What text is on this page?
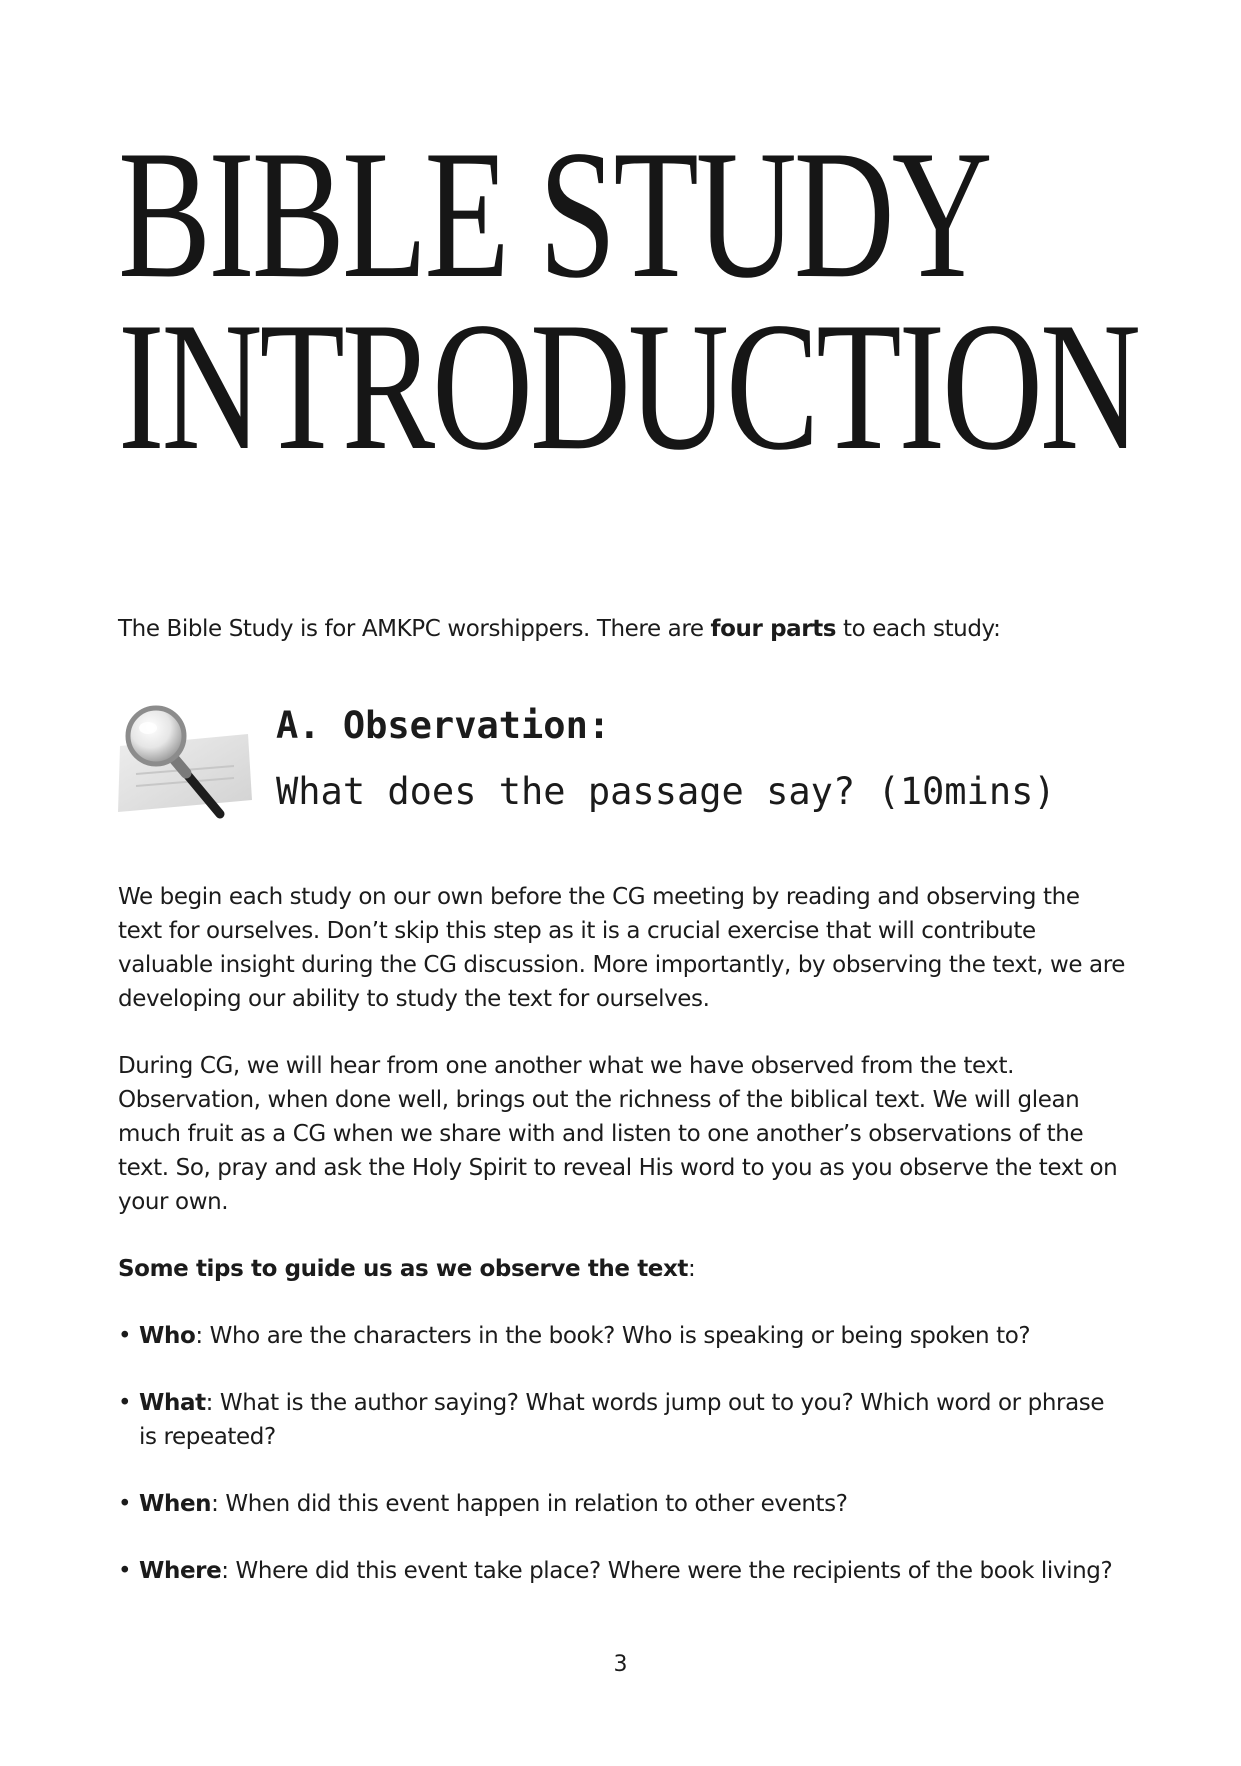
BIBLE STUDY
INTRODUCTION

The Bible Study is for AMKPC worshippers. There are four parts to each study:

A. Observation:

What does the passage say? (10mins)

We begin each study on our own before the CG meeting by reading and observing the text for ourselves. Don’t skip this step as it is a crucial exercise that will contribute valuable insight during the CG discussion. More importantly, by observing the text, we are developing our ability to study the text for ourselves.

During CG, we will hear from one another what we have observed from the text. Observation, when done well, brings out the richness of the biblical text. We will glean much fruit as a CG when we share with and listen to one another’s observations of the text. So, pray and ask the Holy Spirit to reveal His word to you as you observe the text on your own.

Some tips to guide us as we observe the text:

• Who: Who are the characters in the book? Who is speaking or being spoken to?
• What: What is the author saying? What words jump out to you? Which word or phrase is repeated?
• When: When did this event happen in relation to other events?
• Where: Where did this event take place? Where were the recipients of the book living?
3
